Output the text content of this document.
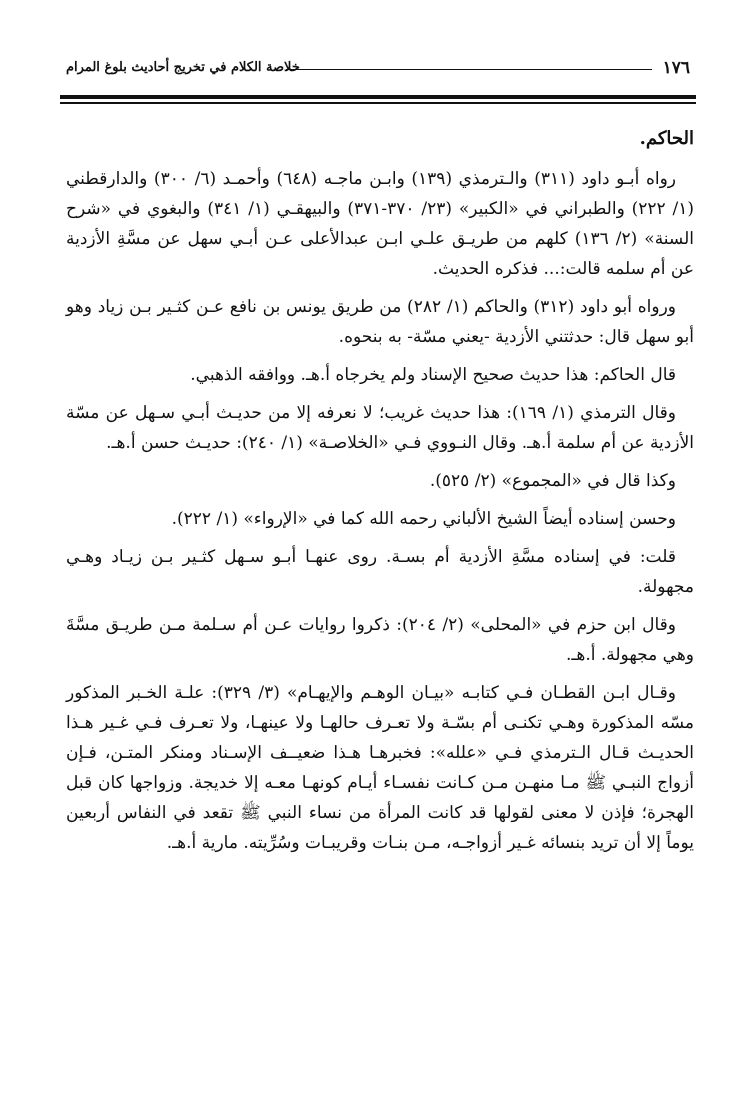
١٧٦
خلاصة الكلام في تخريج أحاديث بلوغ المرام

الحاكم.

رواه أبـو داود (٣١١) والـترمذي (١٣٩) وابـن ماجـه (٦٤٨) وأحمـد (٦/ ٣٠٠) والدارقطني (١/ ٢٢٢) والطبراني في «الكبير» (٢٣/ ٣٧٠-٣٧١) والبيهقـي (١/ ٣٤١) والبغوي في «شرح السنة» (٢/ ١٣٦) كلهم من طريـق علـي ابـن عبدالأعلى عـن أبـي سهل عن مسَّةِ الأزدية عن أم سلمه قالت:... فذكره الحديث.

ورواه أبو داود (٣١٢) والحاكم (١/ ٢٨٢) من طريق يونس بن نافع عـن كثـير بـن زياد وهو أبو سهل قال: حدثتني الأزدية -يعني مسّة- به بنحوه.

قال الحاكم: هذا حديث صحيح الإسناد ولم يخرجاه أ.هـ. ووافقه الذهبي.

وقال الترمذي (١/ ١٦٩): هذا حديث غريب؛ لا نعرفه إلا من حديـث أبـي سـهل عن مسّة الأزدية عن أم سلمة أ.هـ. وقال النـووي فـي «الخلاصـة» (١/ ٢٤٠): حديـث حسن أ.هـ.

وكذا قال في «المجموع» (٢/ ٥٢٥).

وحسن إسناده أيضاً الشيخ الألباني رحمه الله كما في «الإرواء» (١/ ٢٢٢).

قلت: في إسناده مسَّةِ الأزدية أم بسـة. روى عنهـا أبـو سـهل كثـير بـن زيـاد وهـي مجهولة.

وقال ابن حزم في «المحلى» (٢/ ٢٠٤): ذكروا روايات عـن أم سـلمة مـن طريـق مسَّةَ وهي مجهولة. أ.هـ.

وقـال ابـن القطـان فـي كتابـه «بيـان الوهـم والإيهـام» (٣/ ٣٢٩): علـة الخـبر المذكور مسّه المذكورة وهـي تكنـى أم بسّـة ولا تعـرف حالهـا ولا عينهـا، ولا تعـرف فـي غـير هـذا الحديـث قـال الـترمذي فـي «علله»: فخبرهـا هـذا ضعيــف الإسـناد ومنكر المتـن، فـإن أزواج النبـي ﷺ مـا منهـن مـن كـانت نفسـاء أيـام كونهـا معـه إلا خديجة. وزواجها كان قبل الهجرة؛ فإذن لا معنى لقولها قد كانت المرأة من نساء النبي ﷺ تقعد في النفاس أربعين يوماً إلا أن تريد بنسائه غـير أزواجـه، مـن بنـات وقريبـات وسُرِّيته. مارية أ.هـ.
